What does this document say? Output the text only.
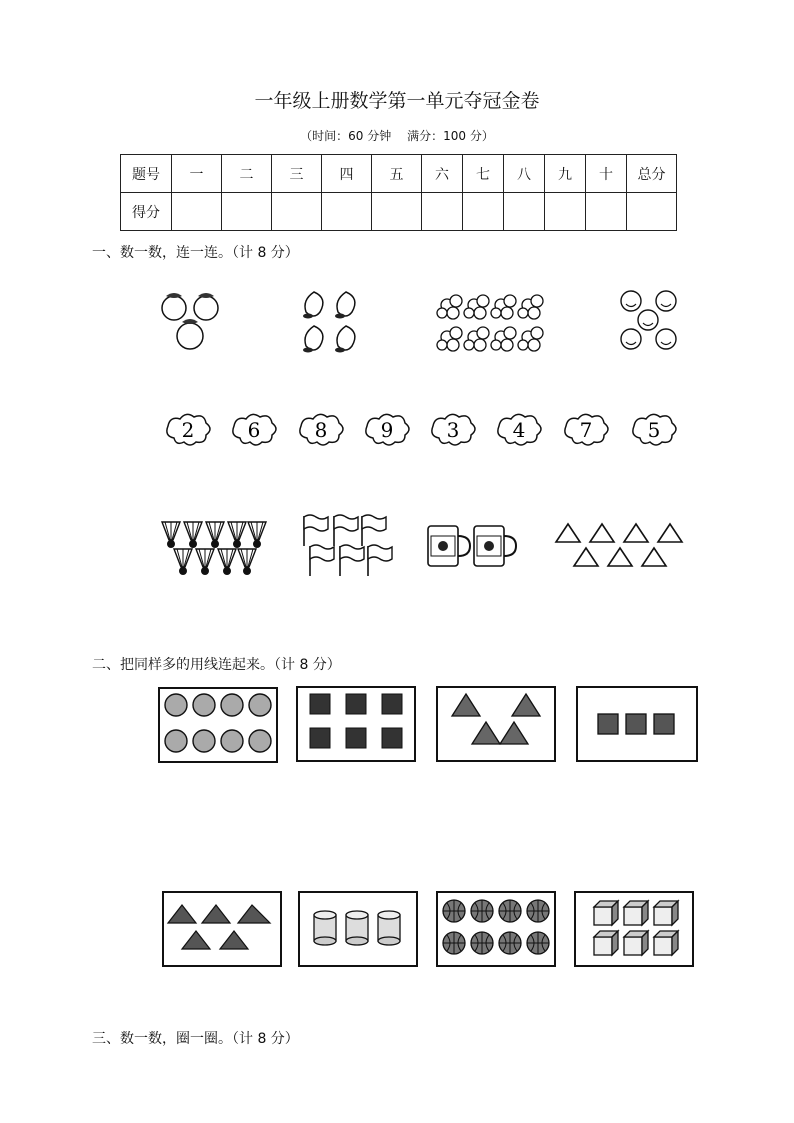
一年级上册数学第一单元夺冠金卷
（时间：60 分钟 满分：100 分）
题号	一	二	三	四	五	六	七	八	九	十	总分
得分											
一、数一数，连一连。（计 8 分）
二、把同样多的用线连起来。（计 8 分）
三、数一数，圈一圈。（计 8 分）
2	6	8	9	3	4	7	5
